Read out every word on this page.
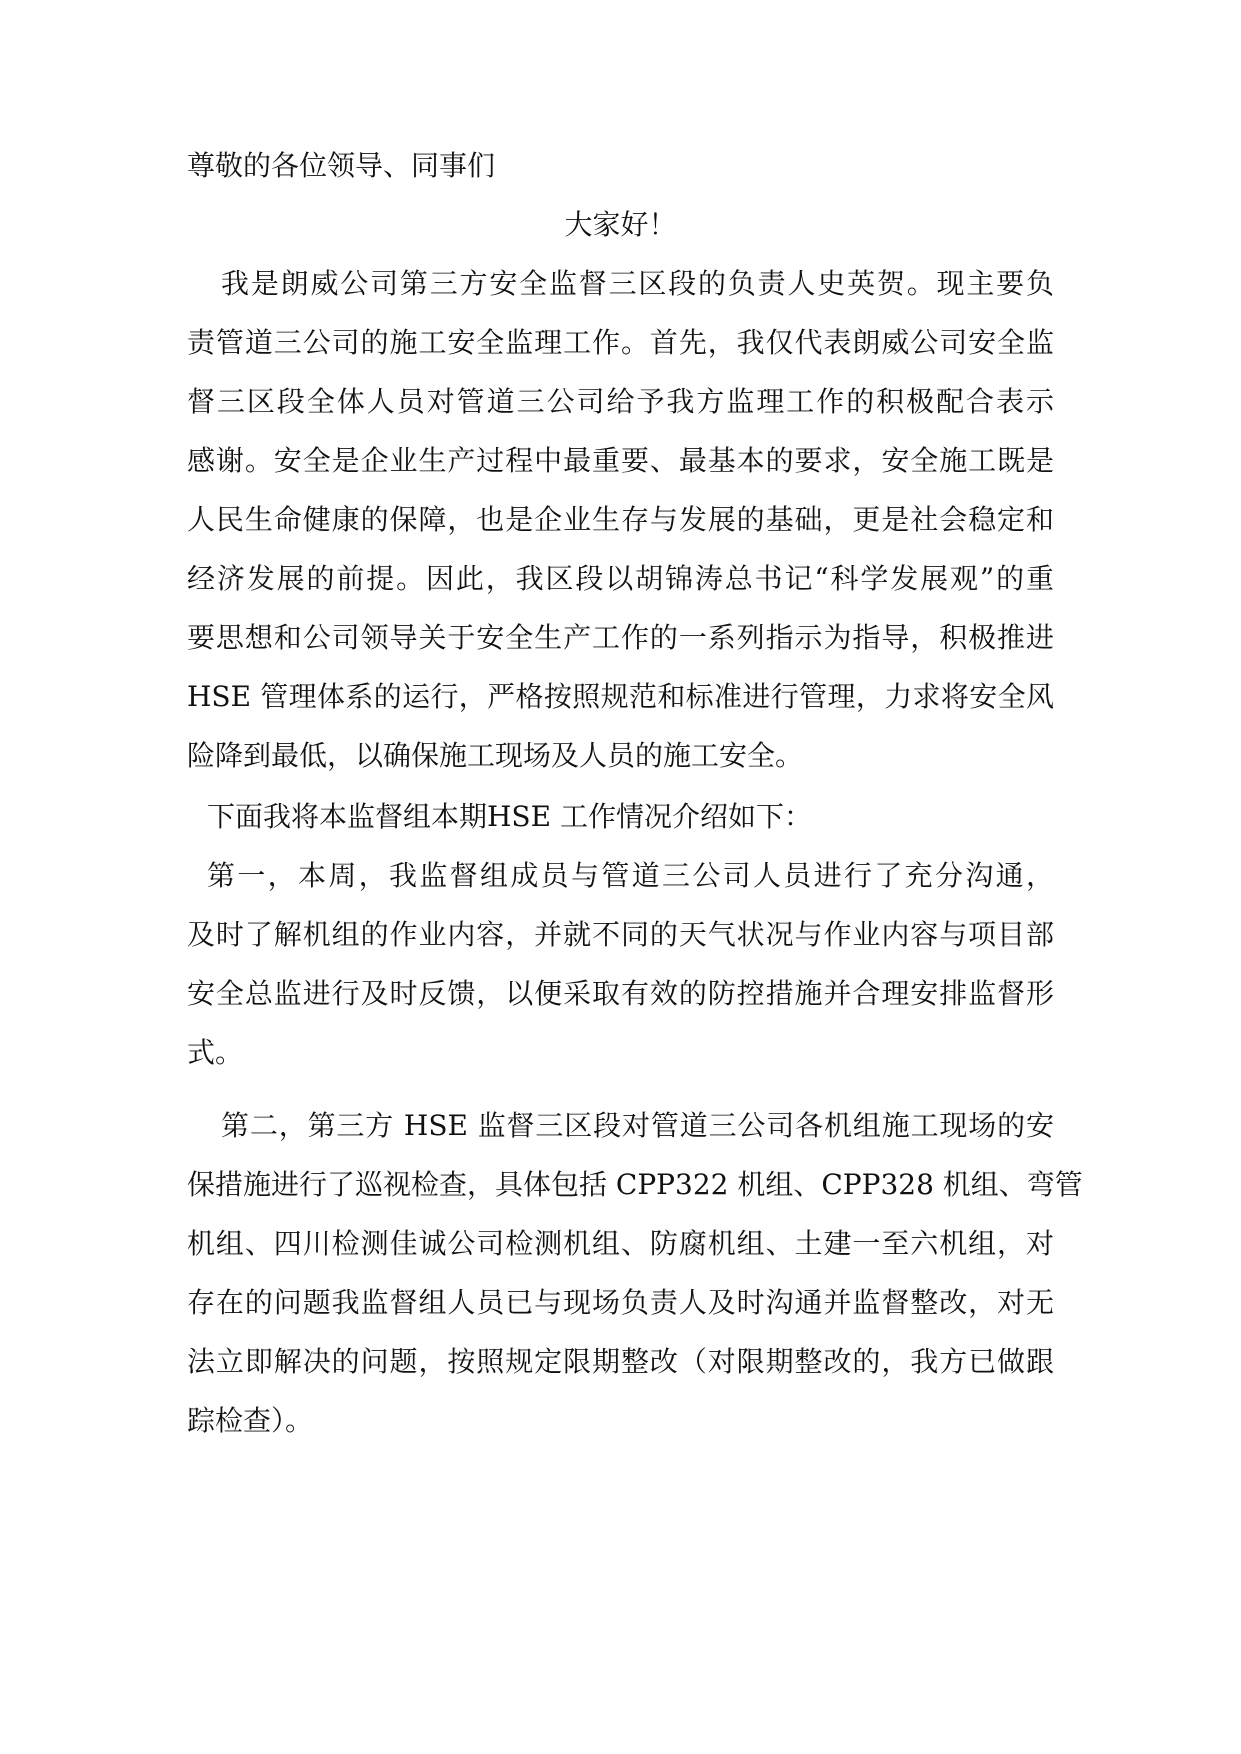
尊敬的各位领导、同事们
大家好！
我是朗威公司第三方安全监督三区段的负责人史英贺。现主要负
责管道三公司的施工安全监理工作。首先，我仅代表朗威公司安全监
督三区段全体人员对管道三公司给予我方监理工作的积极配合表示
感谢。安全是企业生产过程中最重要、最基本的要求，安全施工既是
人民生命健康的保障，也是企业生存与发展的基础，更是社会稳定和
经济发展的前提。因此，我区段以胡锦涛总书记“科学发展观”的重
要思想和公司领导关于安全生产工作的一系列指示为指导，积极推进
HSE 管理体系的运行，严格按照规范和标准进行管理，力求将安全风
险降到最低，以确保施工现场及人员的施工安全。
下面我将本监督组本期HSE 工作情况介绍如下：
第一，本周，我监督组成员与管道三公司人员进行了充分沟通，
及时了解机组的作业内容，并就不同的天气状况与作业内容与项目部
安全总监进行及时反馈，以便采取有效的防控措施并合理安排监督形
式。
第二，第三方 HSE 监督三区段对管道三公司各机组施工现场的安
保措施进行了巡视检查，具体包括 CPP322 机组、CPP328 机组、弯管
机组、四川检测佳诚公司检测机组、防腐机组、土建一至六机组，对
存在的问题我监督组人员已与现场负责人及时沟通并监督整改，对无
法立即解决的问题，按照规定限期整改（对限期整改的，我方已做跟
踪检查）。
